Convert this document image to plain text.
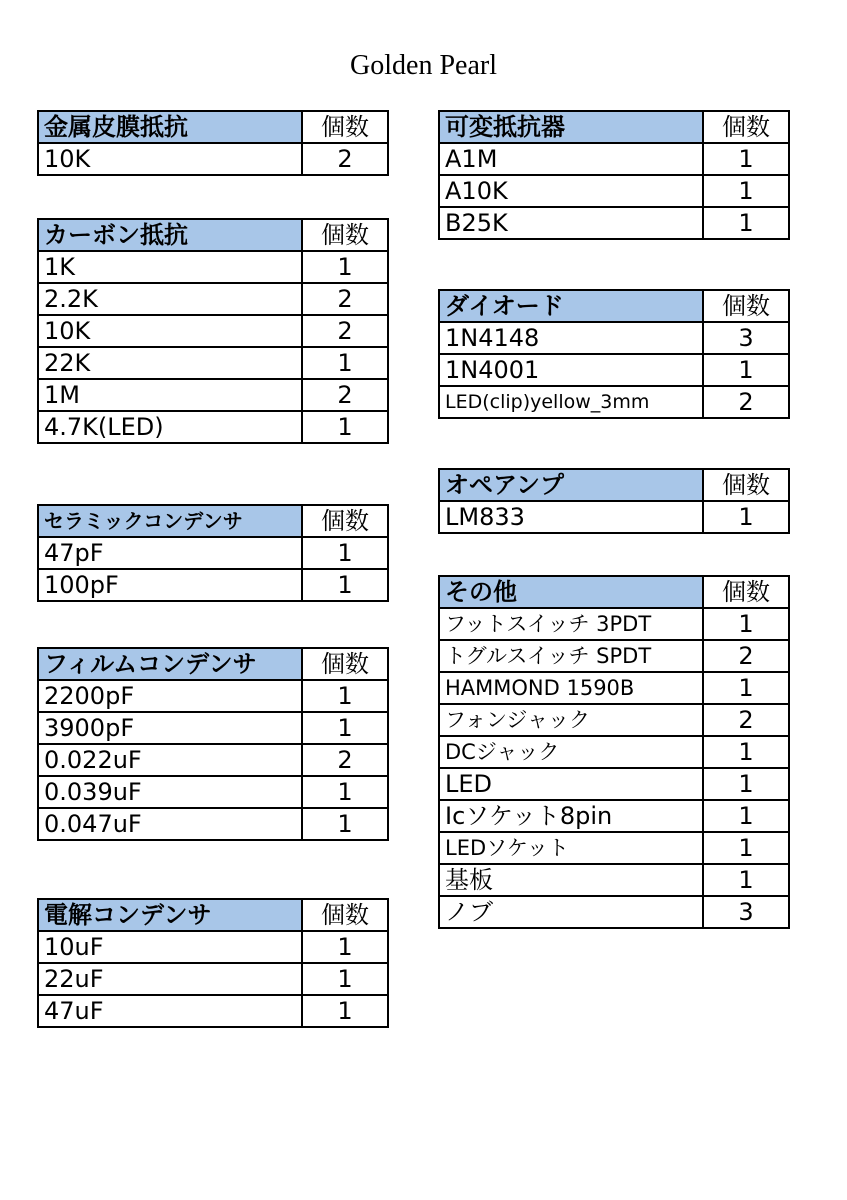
Golden Pearl
金属皮膜抵抗	個数
10K	2
カーボン抵抗	個数
1K	1
2.2K	2
10K	2
22K	1
1M	2
4.7K(LED)	1
セラミックコンデンサ	個数
47pF	1
100pF	1
フィルムコンデンサ	個数
2200pF	1
3900pF	1
0.022uF	2
0.039uF	1
0.047uF	1
電解コンデンサ	個数
10uF	1
22uF	1
47uF	1
可変抵抗器	個数
A1M	1
A10K	1
B25K	1
ダイオード	個数
1N4148	3
1N4001	1
LED(clip)yellow_3mm	2
オペアンプ	個数
LM833	1
その他	個数
フットスイッチ 3PDT	1
トグルスイッチ SPDT	2
HAMMOND 1590B	1
フォンジャック	2
DCジャック	1
LED	1
Icソケット8pin	1
LEDソケット	1
基板	1
ノブ	3
